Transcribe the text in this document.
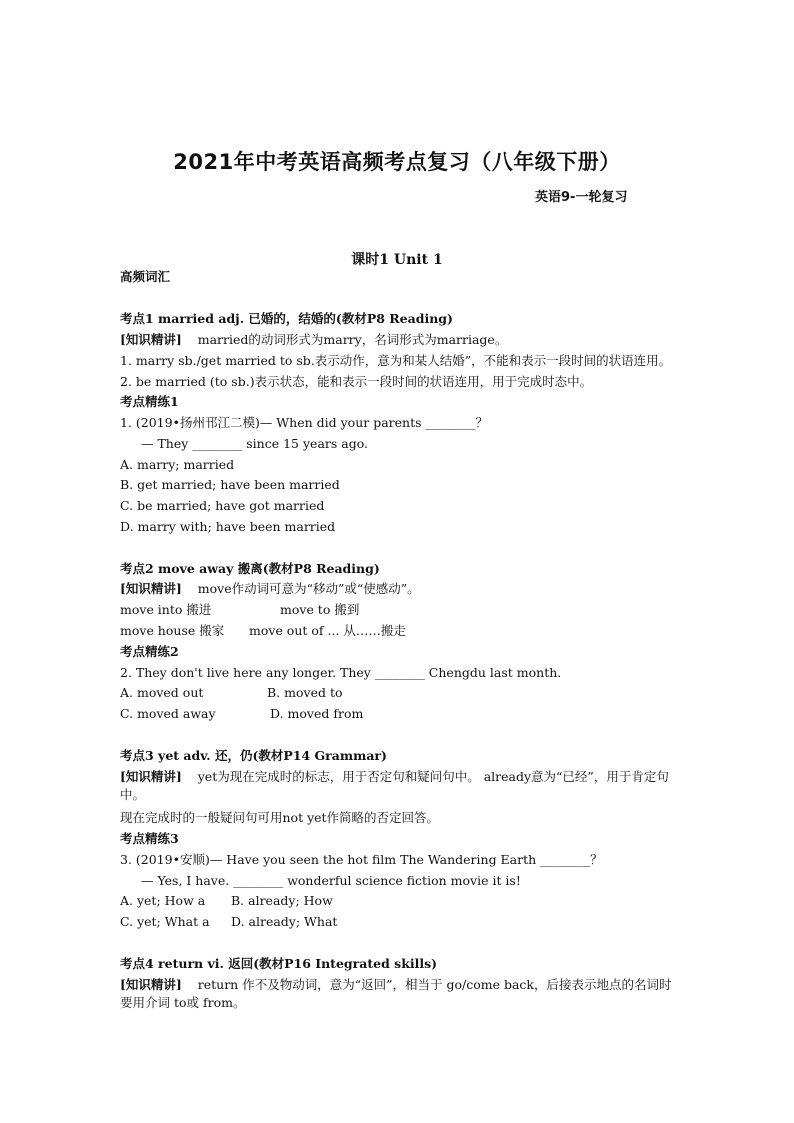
2021年中考英语高频考点复习（八年级下册）
英语9-一轮复习
课时1 Unit 1
高频词汇
考点1 married adj. 已婚的，结婚的(教材P8 Reading)
[知识精讲] married的动词形式为marry，名词形式为marriage。
1. marry sb./get married to sb.表示动作，意为和某人结婚”，不能和表示一段时间的状语连用。
2. be married (to sb.)表示状态，能和表示一段时间的状语连用，用于完成时态中。
考点精练1
1. (2019•扬州邗江二模)— When did your parents ________？
— They ________ since 15 years ago.
A. marry; married
B. get married; have been married
C. be married; have got married
D. marry with; have been married
考点2 move away 搬离(教材P8 Reading)
[知识精讲] move作动词可意为“移动”或“使感动”。
move into 搬进	move to 搬到
move house 搬家 move out of ... 从……搬走
考点精练2
2. They don't live here any longer. They ________ Chengdu last month.
A. moved out	B. moved to
C. moved away	D. moved from
考点3 yet adv. 还，仍(教材P14 Grammar)
[知识精讲] yet为现在完成时的标志，用于否定句和疑问句中。 already意为“已经”，用于肯定句中。
现在完成时的一般疑问句可用not yet作简略的否定回答。
考点精练3
3. (2019•安顺)— Have you seen the hot film The Wandering Earth ________？
— Yes, I have. ________ wonderful science fiction movie it is!
A. yet; How a B. already; How
C. yet; What a D. already; What
考点4 return vi. 返回(教材P16 Integrated skills)
[知识精讲] return 作不及物动词，意为“返回”，相当于 go/come back，后接表示地点的名词时要用介词 to或 from。
